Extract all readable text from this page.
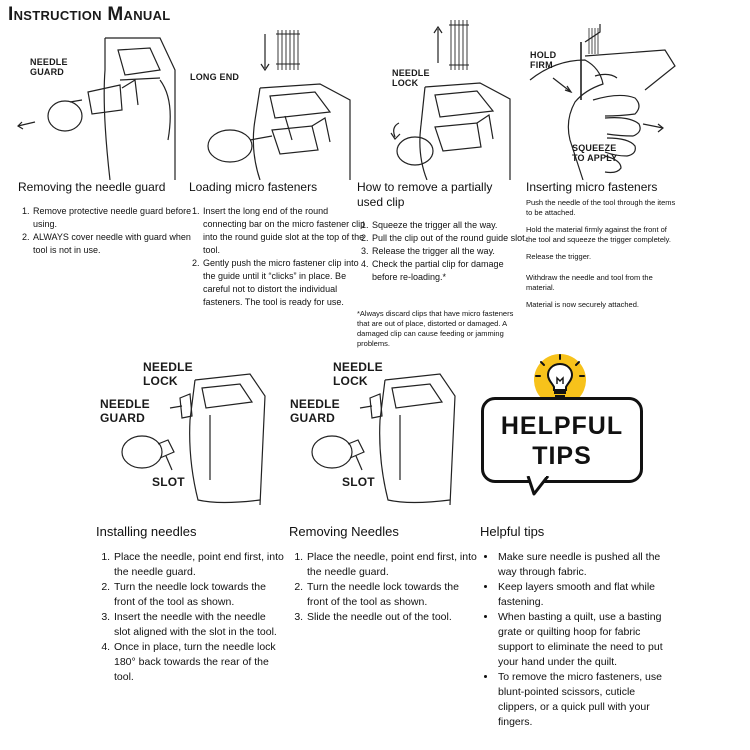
Instruction Manual
NEEDLE
GUARD	LONG END	NEEDLE
LOCK
HOLD
FIRM
SQUEEZE
TO APPLY
Removing the needle guard
1. Remove protective needle guard before using.
2. ALWAYS cover needle with guard when tool is not in use.
Loading micro fasteners
1. Insert the long end of the round connecting bar on the micro fastener clip into the round guide slot at the top of the tool.
2. Gently push the micro fastener clip into the guide until it “clicks” in place. Be careful not to distort the individual fasteners. The tool is ready for use.
How to remove a partially used clip
1. Squeeze the trigger all the way.
2. Pull the clip out of the round guide slot.
3. Release the trigger all the way.
4. Check the partial clip for damage before re-loading.*
*Always discard clips that have micro fasteners that are out of place, distorted or damaged. A damaged clip can cause feeding or jamming problems.
Inserting micro fasteners

Push the needle of the tool through the items to be attached.

Hold the material firmly against the front of the tool and squeeze the trigger completely.

Release the trigger.

Withdraw the needle and tool from the material.

Material is now securely attached.

NEEDLE
LOCK
NEEDLE
GUARD
SLOT
NEEDLE
LOCK
NEEDLE
GUARD
SLOT
HELPFUL
TIPS
Installing needles
1. Place the needle, point end first, into the needle guard.
2. Turn the needle lock towards the front of the tool as shown.
3. Insert the needle with the needle slot aligned with the slot in the tool.
4. Once in place, turn the needle lock 180° back towards the rear of the tool.
Removing Needles
1. Place the needle, point end first, into the needle guard.
2. Turn the needle lock towards the front of the tool as shown.
3. Slide the needle out of the tool.
Helpful tips
• Make sure needle is pushed all the way through fabric.
• Keep layers smooth and flat while fastening.
• When basting a quilt, use a basting grate or quilting hoop for fabric support to eliminate the need to put your hand under the quilt.
• To remove the micro fasteners, use blunt-pointed scissors, cuticle clippers, or a quick pull with your fingers.
